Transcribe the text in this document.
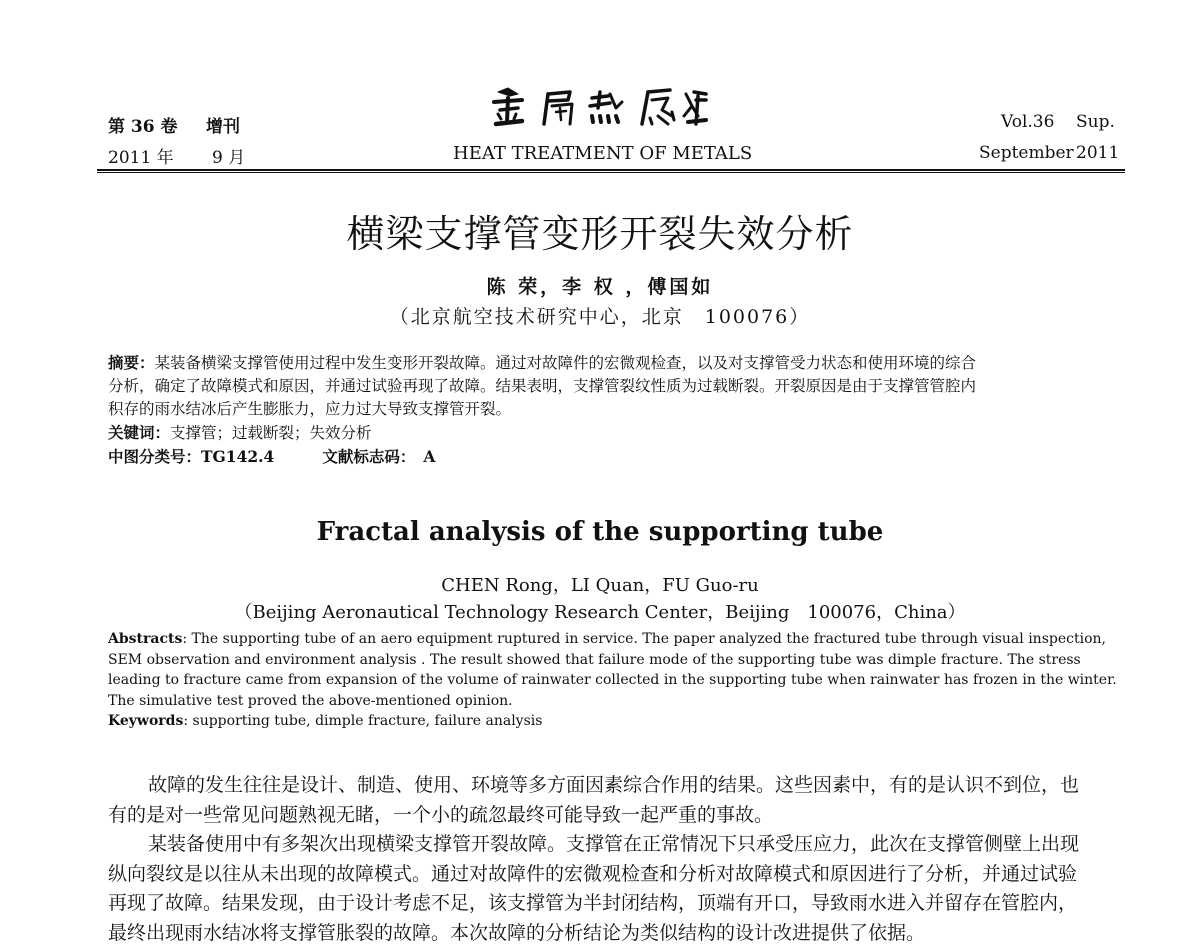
第 36 卷 增刊
2011 年 9 月	HEAT TREATMENT OF METALS
Vol.36 Sup.
September 2011
横梁支撑管变形开裂失效分析
陈 荣，李 权 ，傅国如
（北京航空技术研究中心，北京　100076）
摘要：某装备横梁支撑管使用过程中发生变形开裂故障。通过对故障件的宏微观检查，以及对支撑管受力状态和使用环境的综合
分析，确定了故障模式和原因，并通过试验再现了故障。结果表明，支撑管裂纹性质为过载断裂。开裂原因是由于支撑管管腔内
积存的雨水结冰后产生膨胀力，应力过大导致支撑管开裂。
关键词：支撑管；过载断裂；失效分析
中图分类号：TG142.4	文献标志码： A
Fractal analysis of the supporting tube
CHEN Rong，LI Quan，FU Guo-ru
（Beijing Aeronautical Technology Research Center，Beijing　100076，China）
Abstracts: The supporting tube of an aero equipment ruptured in service. The paper analyzed the fractured tube through visual inspection,
SEM observation and environment analysis . The result showed that failure mode of the supporting tube was dimple fracture. The stress
leading to fracture came from expansion of the volume of rainwater collected in the supporting tube when rainwater has frozen in the winter.
The simulative test proved the above-mentioned opinion.
Keywords: supporting tube, dimple fracture, failure analysis
故障的发生往往是设计、制造、使用、环境等多方面因素综合作用的结果。这些因素中，有的是认识不到位，也
有的是对一些常见问题熟视无睹，一个小的疏忽最终可能导致一起严重的事故。
某装备使用中有多架次出现横梁支撑管开裂故障。支撑管在正常情况下只承受压应力，此次在支撑管侧壁上出现
纵向裂纹是以往从未出现的故障模式。通过对故障件的宏微观检查和分析对故障模式和原因进行了分析，并通过试验
再现了故障。结果发现，由于设计考虑不足，该支撑管为半封闭结构，顶端有开口，导致雨水进入并留存在管腔内，
最终出现雨水结冰将支撑管胀裂的故障。本次故障的分析结论为类似结构的设计改进提供了依据。
